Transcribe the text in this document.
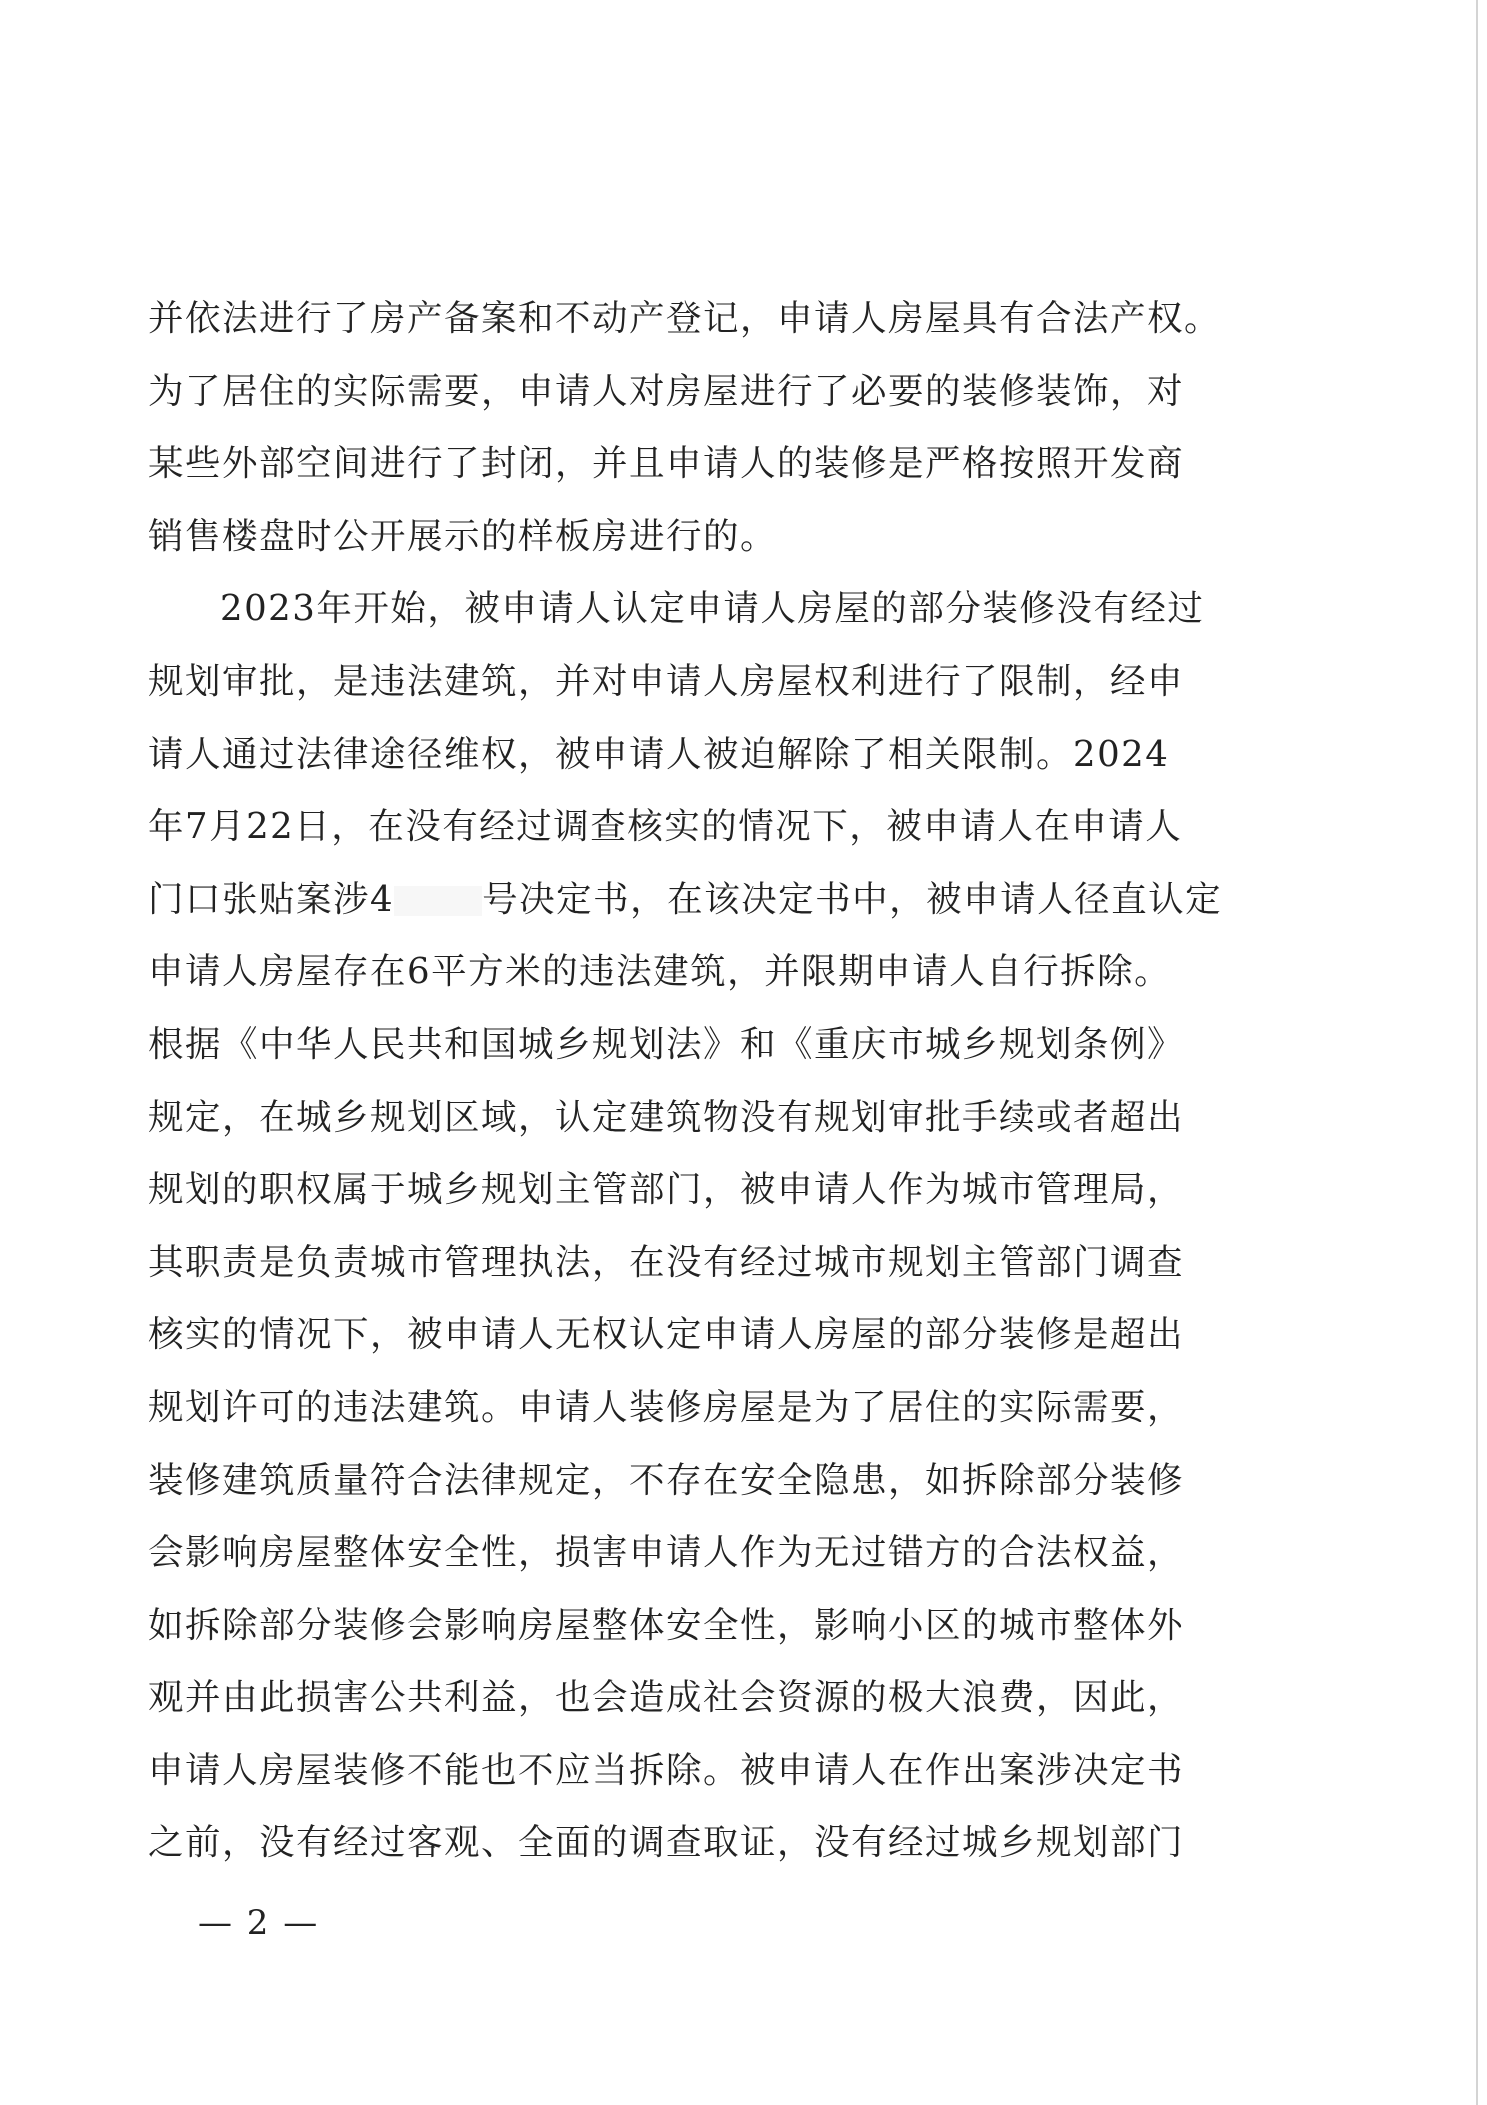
并依法进行了房产备案和不动产登记，申请人房屋具有合法产权。
为了居住的实际需要，申请人对房屋进行了必要的装修装饰，对
某些外部空间进行了封闭，并且申请人的装修是严格按照开发商
销售楼盘时公开展示的样板房进行的。
2023年开始，被申请人认定申请人房屋的部分装修没有经过
规划审批，是违法建筑，并对申请人房屋权利进行了限制，经申
请人通过法律途径维权，被申请人被迫解除了相关限制。2024
年7月22日，在没有经过调查核实的情况下，被申请人在申请人
门口张贴案涉4 号决定书，在该决定书中，被申请人径直认定
申请人房屋存在6平方米的违法建筑，并限期申请人自行拆除。
根据《中华人民共和国城乡规划法》和《重庆市城乡规划条例》
规定，在城乡规划区域，认定建筑物没有规划审批手续或者超出
规划的职权属于城乡规划主管部门，被申请人作为城市管理局，
其职责是负责城市管理执法，在没有经过城市规划主管部门调查
核实的情况下，被申请人无权认定申请人房屋的部分装修是超出
规划许可的违法建筑。申请人装修房屋是为了居住的实际需要，
装修建筑质量符合法律规定，不存在安全隐患，如拆除部分装修
会影响房屋整体安全性，损害申请人作为无过错方的合法权益，
如拆除部分装修会影响房屋整体安全性，影响小区的城市整体外
观并由此损害公共利益，也会造成社会资源的极大浪费，因此，
申请人房屋装修不能也不应当拆除。被申请人在作出案涉决定书
之前，没有经过客观、全面的调查取证，没有经过城乡规划部门
— 2 —
